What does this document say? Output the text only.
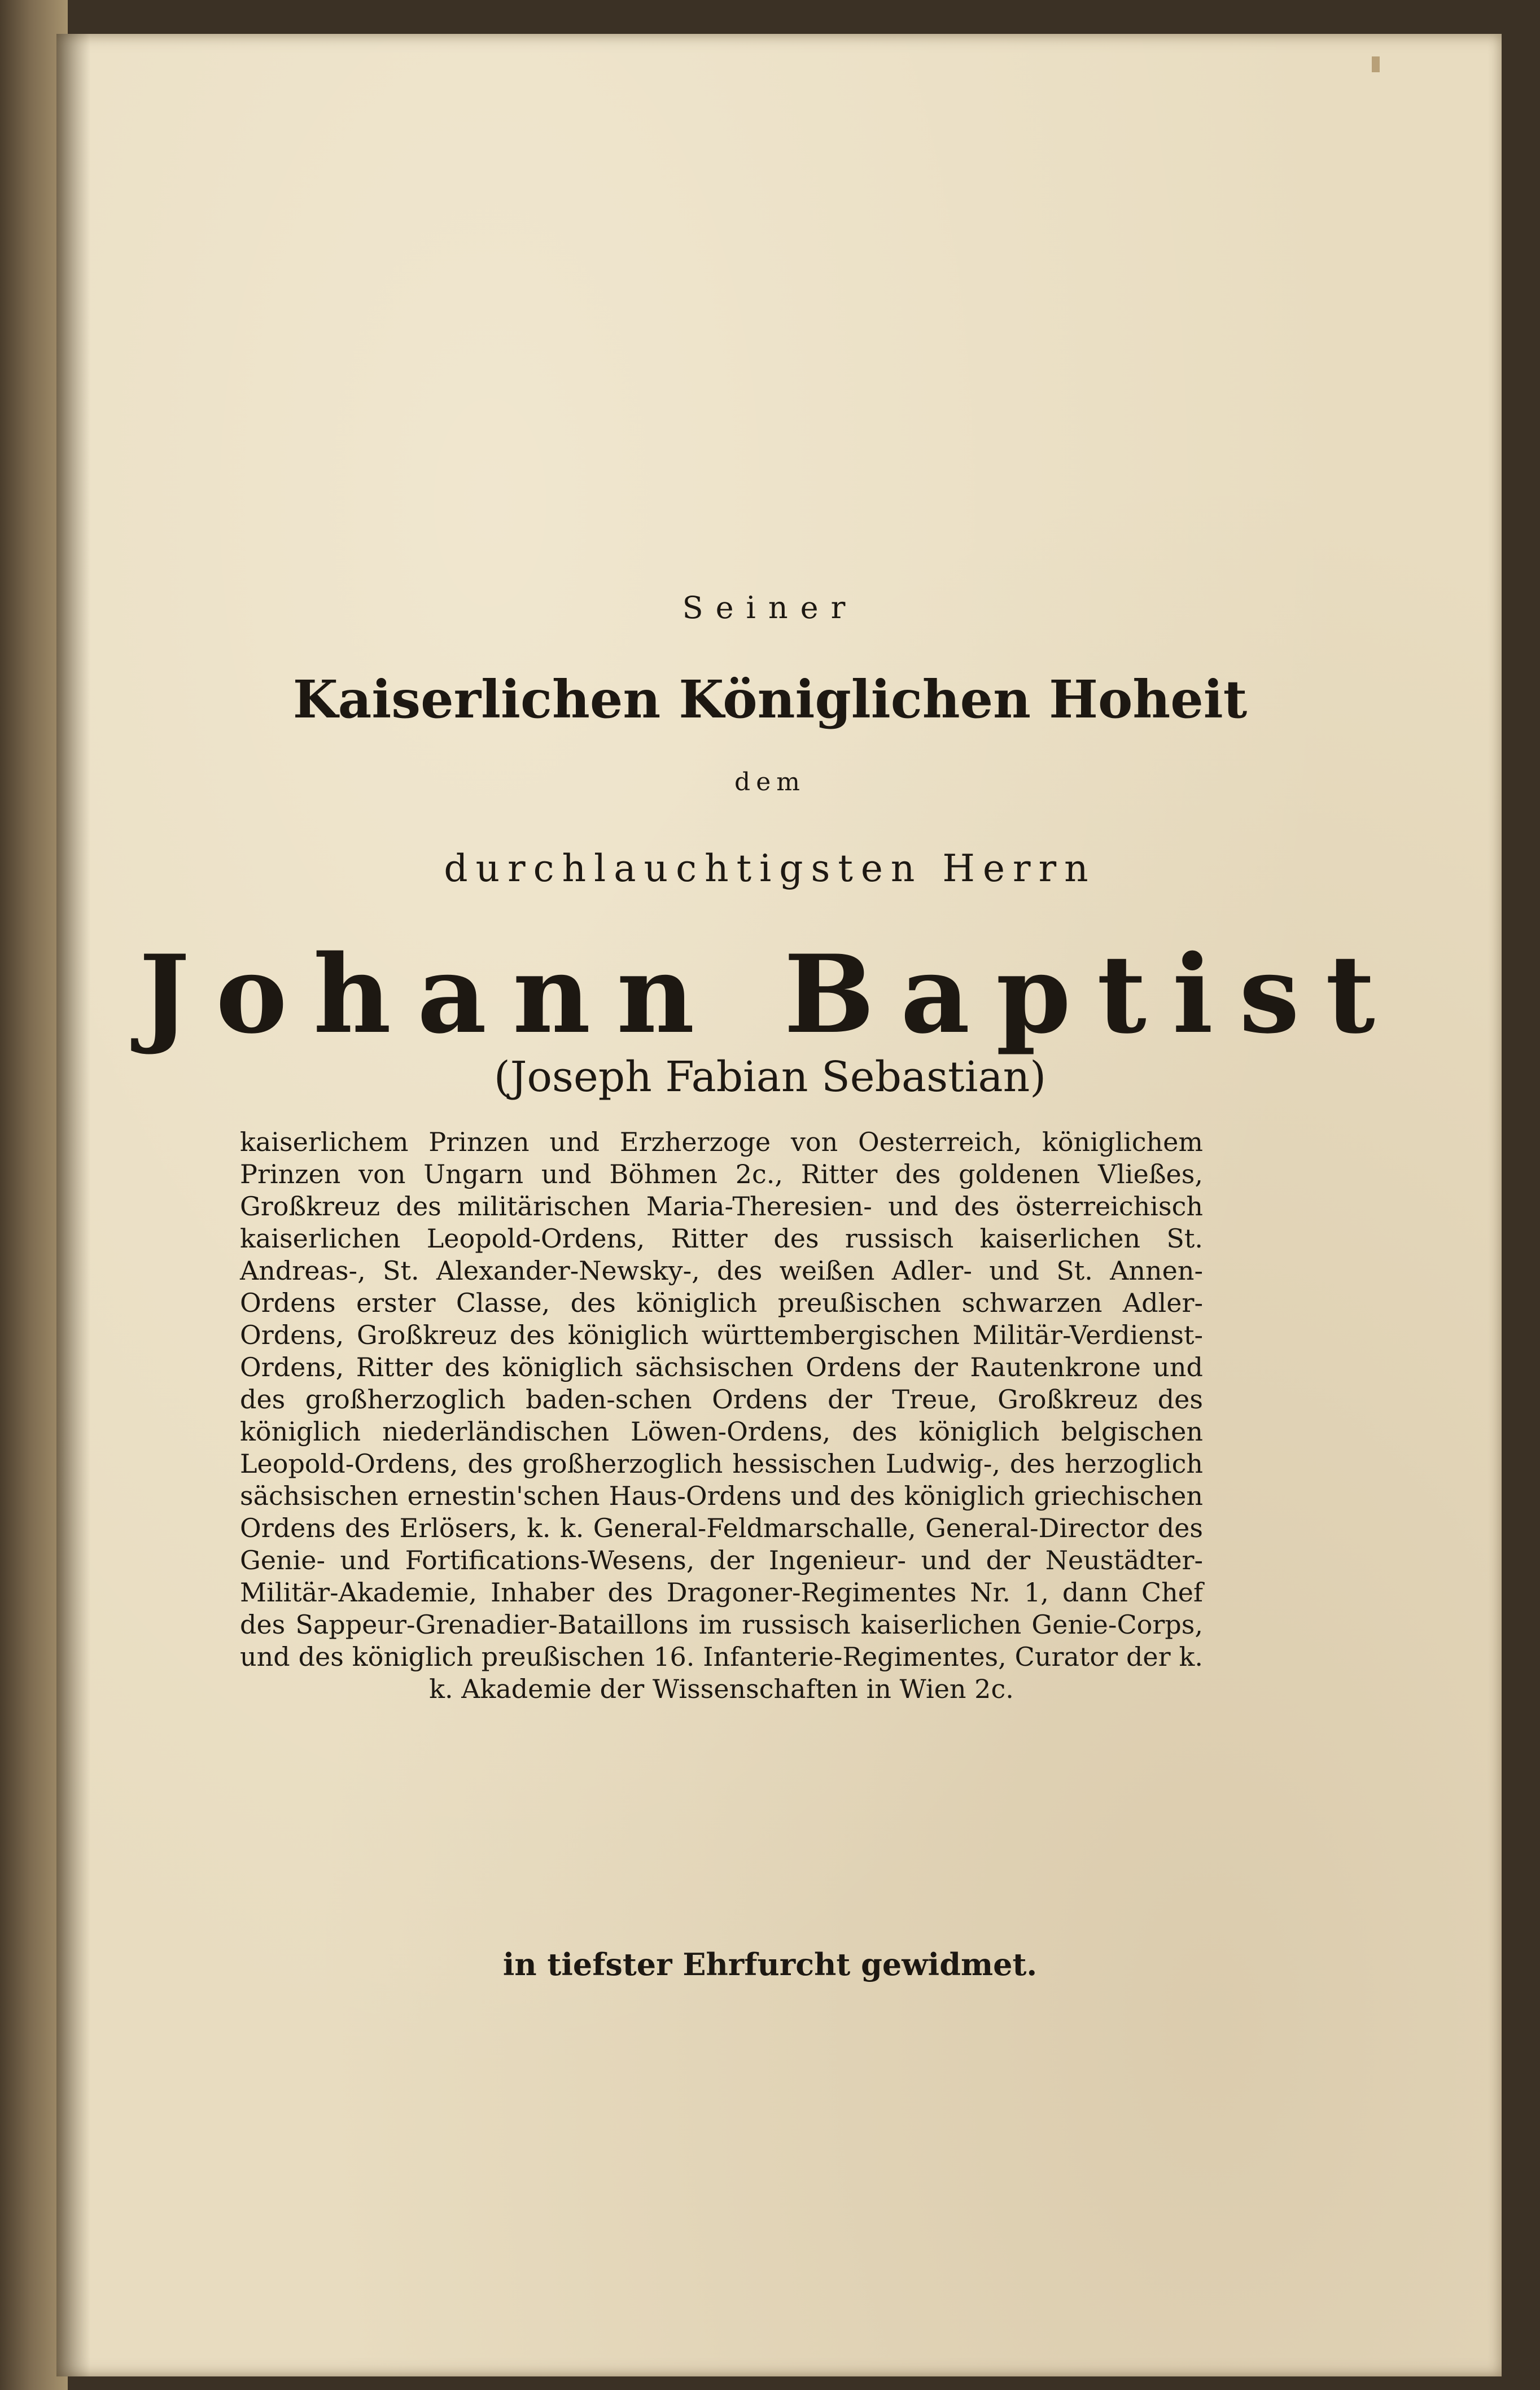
Seiner
Kaiserlichen Königlichen Hoheit
dem
durchlauchtigsten Herrn
Johann Baptist
(Joseph Fabian Sebastian)
kaiserlichem Prinzen und Erzherzoge von Oesterreich, königlichem Prinzen von Ungarn und Böhmen 2c., Ritter des goldenen Vließes, Großkreuz des militärischen Maria-Theresien- und des österreichisch kaiserlichen Leopold-Ordens, Ritter des russisch kaiserlichen St. Andreas-, St. Alexander-Newsky-, des weißen Adler- und St. Annen-Ordens erster Classe, des königlich preußischen schwarzen Adler-Ordens, Großkreuz des königlich württembergischen Militär-Verdienst-Ordens, Ritter des königlich sächsischen Ordens der Rautenkrone und des großherzoglich baden-schen Ordens der Treue, Großkreuz des königlich niederländischen Löwen-Ordens, des königlich belgischen Leopold-Ordens, des großherzoglich hessischen Ludwig-, des herzoglich sächsischen ernestin'schen Haus-Ordens und des königlich griechischen Ordens des Erlösers, k. k. General-Feldmarschalle, General-Director des Genie- und Fortifications-Wesens, der Ingenieur- und der Neustädter-Militär-Akademie, Inhaber des Dragoner-Regimentes Nr. 1, dann Chef des Sappeur-Grenadier-Bataillons im russisch kaiserlichen Genie-Corps, und des königlich preußischen 16. Infanterie-Regimentes, Curator der k. k. Akademie der Wissenschaften in Wien 2c.
in tiefster Ehrfurcht gewidmet.
